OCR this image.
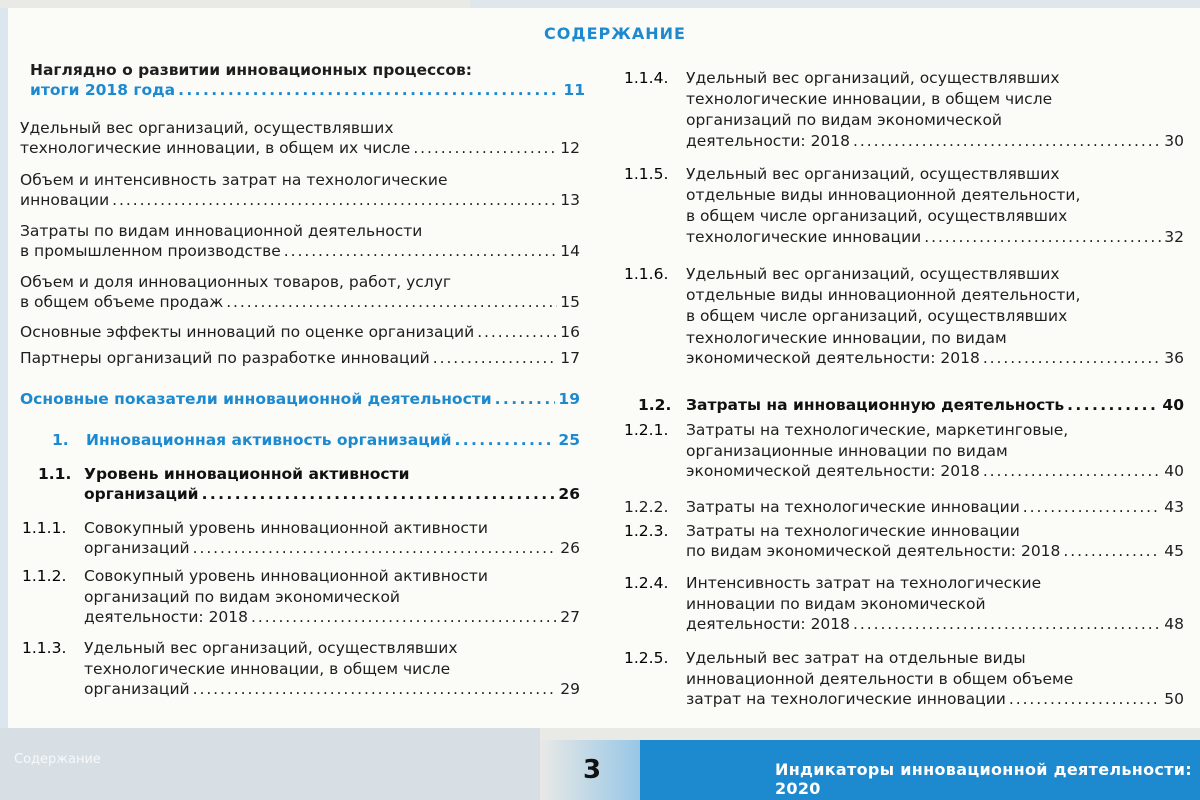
Содержание	3	Индикаторы инновационной деятельности: 2020
СОДЕРЖАНИЕ
Наглядно о развитии инновационных процессов:
итоги 2018 года . . .	11
Удельный вес организаций, осуществлявших
технологические инновации, в общем их числе . . .	12
Объем и интенсивность затрат на технологические
инновации . . .	13
Затраты по видам инновационной деятельности
в промышленном производстве . . .	14
Объем и доля инновационных товаров, работ, услуг
в общем объеме продаж . . .	15
Основные эффекты инноваций по оценке организаций . . .	16
Партнеры организаций по разработке инноваций . . .	17
Основные показатели инновационной деятельности . . .	19
1.	Инновационная активность организаций . . .	25
1.1. Уровень инновационной активности
организаций . . .	26
1.1.1.	Совокупный уровень инновационной активности
организаций . . .	26
1.1.2.	Совокупный уровень инновационной активности
организаций по видам экономической
деятельности: 2018 . . .	27
1.1.3.	Удельный вес организаций, осуществлявших
технологические инновации, в общем числе
организаций . . .	29
1.1.4.	Удельный вес организаций, осуществлявших
технологические инновации, в общем числе
организаций по видам экономической
деятельности: 2018 . . .	30
1.1.5.	Удельный вес организаций, осуществлявших
отдельные виды инновационной деятельности,
в общем числе организаций, осуществлявших
технологические инновации . . .	32
1.1.6.	Удельный вес организаций, осуществлявших
отдельные виды инновационной деятельности,
в общем числе организаций, осуществлявших
технологические инновации, по видам
экономической деятельности: 2018 . . .	36
1.2. Затраты на инновационную деятельность . . .	40
1.2.1.	Затраты на технологические, маркетинговые,
организационные инновации по видам
экономической деятельности: 2018 . . .	40
1.2.2.	Затраты на технологические инновации . . .	43
1.2.3.	Затраты на технологические инновации
по видам экономической деятельности: 2018 . . .	45
1.2.4.	Интенсивность затрат на технологические
инновации по видам экономической
деятельности: 2018 . . .	48
1.2.5.	Удельный вес затрат на отдельные виды
инновационной деятельности в общем объеме
затрат на технологические инновации . . .	50
